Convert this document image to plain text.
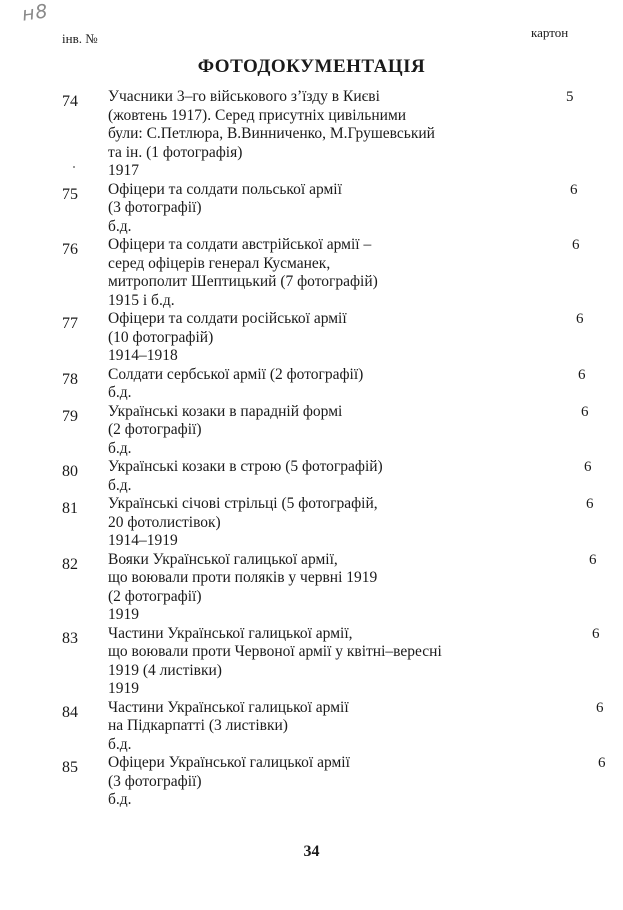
н8
інв. №	картон
ФОТОДОКУМЕНТАЦІЯ
74 Учасники 3–го військового з’їзду в Києві
(жовтень 1917). Серед присутніх цивільними
були: С.Петлюра, В.Винниченко, М.Грушевський
та ін. (1 фотографія)
1917
5
75 Офіцери та солдати польської армії
(3 фотографії)
б.д.
6
76 Офіцери та солдати австрійської армії –
серед офіцерів генерал Кусманек,
митрополит Шептицький (7 фотографій)
1915 і б.д.
6
77 Офіцери та солдати російської армії
(10 фотографій)
1914–1918
6
78 Солдати сербської армії (2 фотографії)
б.д.
6
79 Українські козаки в парадній формі
(2 фотографії)
б.д.
6
80 Українські козаки в строю (5 фотографій)
б.д.
6
81 Українські січові стрільці (5 фотографій,
20 фотолистівок)
1914–1919
6
82 Вояки Української галицької армії,
що воювали проти поляків у червні 1919
(2 фотографії)
1919
6
83 Частини Української галицької армії,
що воювали проти Червоної армії у квітні–вересні
1919 (4 листівки)
1919
6
84 Частини Української галицької армії
на Підкарпатті (3 листівки)
б.д.
6
85 Офіцери Української галицької армії
(3 фотографії)
б.д.
6
34
